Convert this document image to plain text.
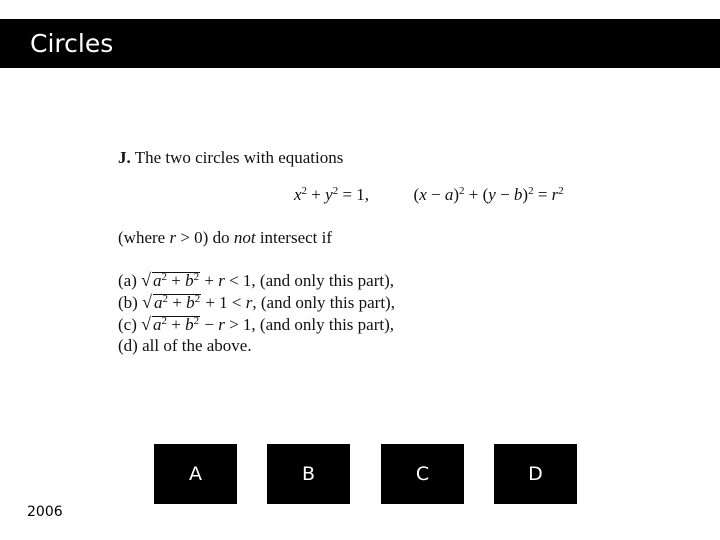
Circles
J. The two circles with equations
$x^2 + y^2 = 1$,	$(x - a)^2 + (y - b)^2 = r^2$
(where r > 0) do not intersect if
(a) √ $a^2 + b^2 + r < 1$, (and only this part),
(b) √ $a^2 + b^2 + 1 < r$, (and only this part),
(c) √ $a^2 + b^2 - r > 1$, (and only this part),
(d) all of the above.
A	B	C	D
2006
